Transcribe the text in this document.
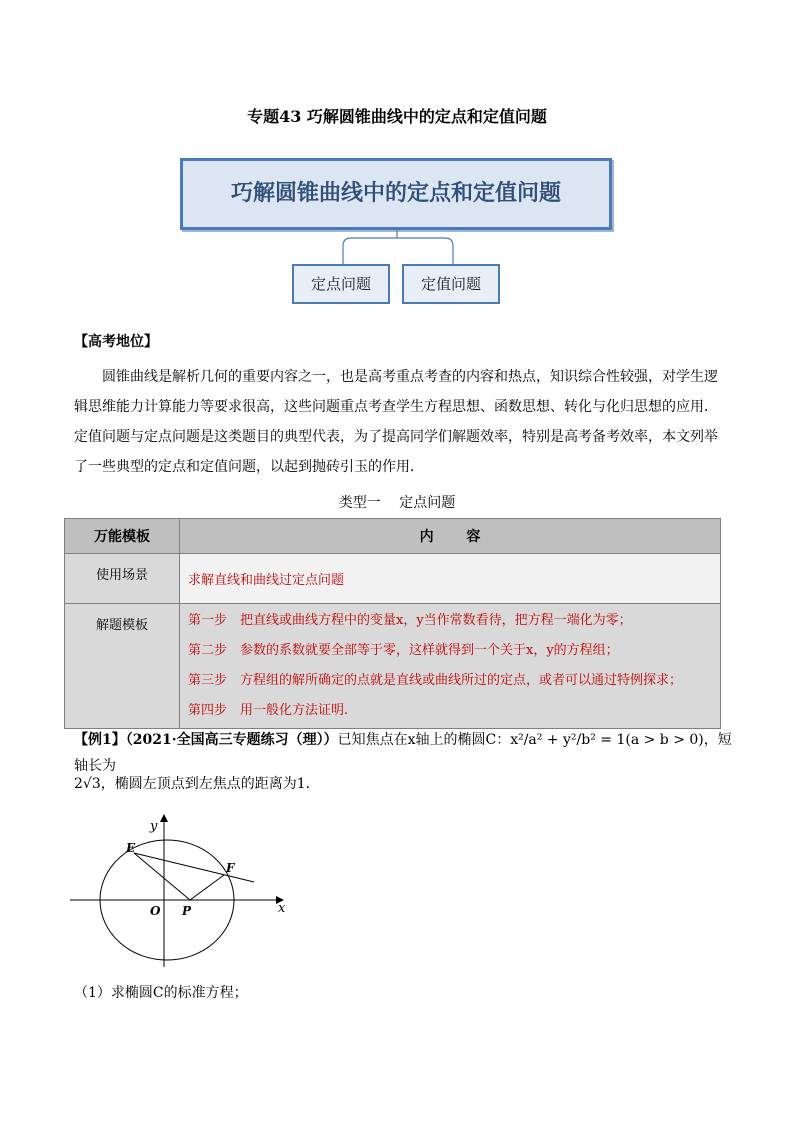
专题43 巧解圆锥曲线中的定点和定值问题
巧解圆锥曲线中的定点和定值问题
定点问题	定值问题
【高考地位】
圆锥曲线是解析几何的重要内容之一，也是高考重点考查的内容和热点，知识综合性较强，对学生逻辑思维能力计算能力等要求很高，这些问题重点考查学生方程思想、函数思想、转化与化归思想的应用．定值问题与定点问题是这类题目的典型代表，为了提高同学们解题效率，特别是高考备考效率，本文列举了一些典型的定点和定值问题，以起到抛砖引玉的作用．
类型一　 定点问题
万能模板	内　　 容
使用场景	求解直线和曲线过定点问题
解题模板	第一步　把直线或曲线方程中的变量x，y当作常数看待，把方程一端化为零；
第二步　参数的系数就要全部等于零，这样就得到一个关于x，y的方程组；
第三步　方程组的解所确定的点就是直线或曲线所过的定点，或者可以通过特例探求；
第四步　用一般化方法证明.
【例1】（2021·全国高三专题练习（理））已知焦点在x轴上的椭圆C：x²/a² + y²/b² = 1(a > b > 0)，短轴长为
2√3，椭圆左顶点到左焦点的距离为1．
y
x
O
E
F
P
（1）求椭圆C的标准方程；
